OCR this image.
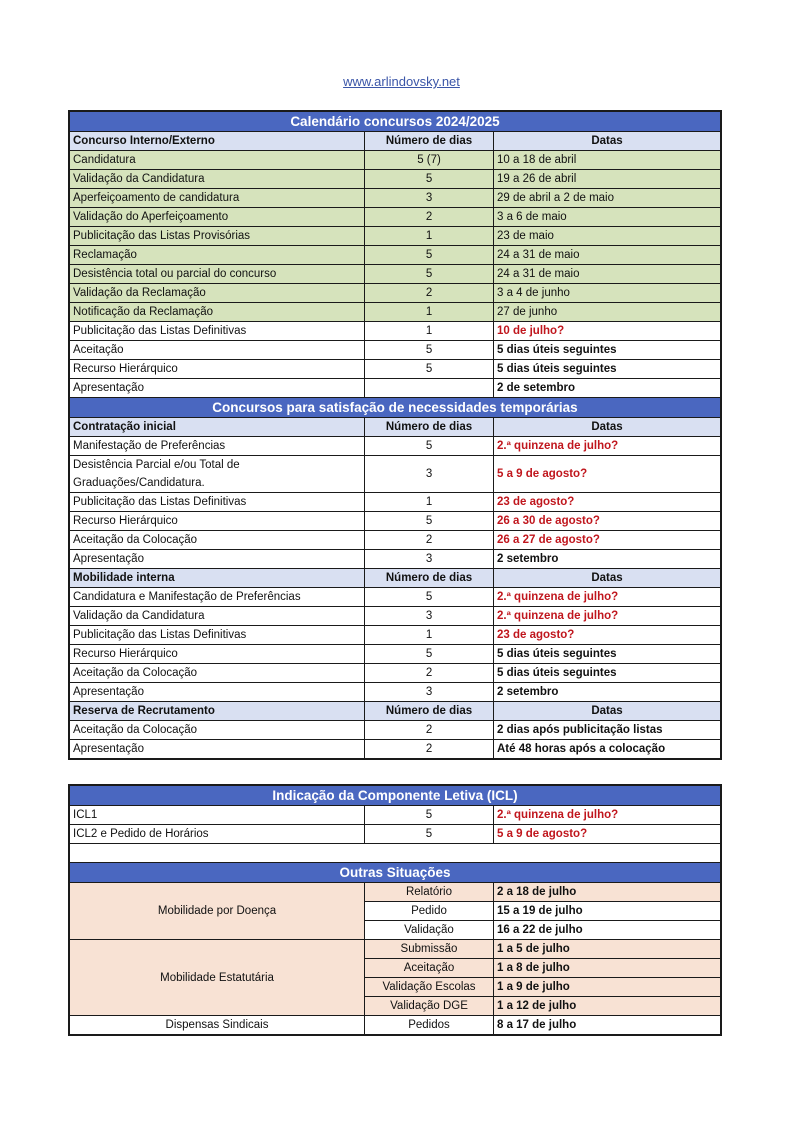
www.arlindovsky.net
Calendário concursos 2024/2025		
Concurso Interno/Externo	Número de dias	Datas
Candidatura	5 (7)	10 a 18 de abril
Validação da Candidatura	5	19 a 26 de abril
Aperfeiçoamento de candidatura	3	29 de abril a 2 de maio
Validação do Aperfeiçoamento	2	3 a 6 de maio
Publicitação das Listas Provisórias	1	23 de maio
Reclamação	5	24 a 31 de maio
Desistência total ou parcial do concurso	5	24 a 31 de maio
Validação da Reclamação	2	3 a 4 de junho
Notificação da Reclamação	1	27 de junho
Publicitação das Listas Definitivas	1	10 de julho?
Aceitação	5	5 dias úteis seguintes
Recurso Hierárquico	5	5 dias úteis seguintes
Apresentação		2 de setembro
Concursos para satisfação de necessidades temporárias		
Contratação inicial	Número de dias	Datas
Manifestação de Preferências	5	2.ª quinzena de julho?
Desistência Parcial e/ou Total de Graduações/Candidatura.	3	5 a 9 de agosto?
Publicitação das Listas Definitivas	1	23 de agosto?
Recurso Hierárquico	5	26 a 30 de agosto?
Aceitação da Colocação	2	26 a 27 de agosto?
Apresentação	3	2 setembro
Mobilidade interna	Número de dias	Datas
Candidatura e Manifestação de Preferências	5	2.ª quinzena de julho?
Validação da Candidatura	3	2.ª quinzena de julho?
Publicitação das Listas Definitivas	1	23 de agosto?
Recurso Hierárquico	5	5 dias úteis seguintes
Aceitação da Colocação	2	5 dias úteis seguintes
Apresentação	3	2 setembro
Reserva de Recrutamento	Número de dias	Datas
Aceitação da Colocação	2	2 dias após publicitação listas
Apresentação	2	Até 48 horas após a colocação
Indicação da Componente Letiva (ICL)		
ICL1	5	2.ª quinzena de julho?
ICL2 e Pedido de Horários	5	5 a 9 de agosto?

Outras Situações		
Mobilidade por Doença	Relatório	2 a 18 de julho
	Pedido	15 a 19 de julho
	Validação	16 a 22 de julho
Mobilidade Estatutária	Submissão	1 a 5 de julho
	Aceitação	1 a 8 de julho
	Validação Escolas	1 a 9 de julho
	Validação DGE	1 a 12 de julho
Dispensas Sindicais	Pedidos	8 a 17 de julho
